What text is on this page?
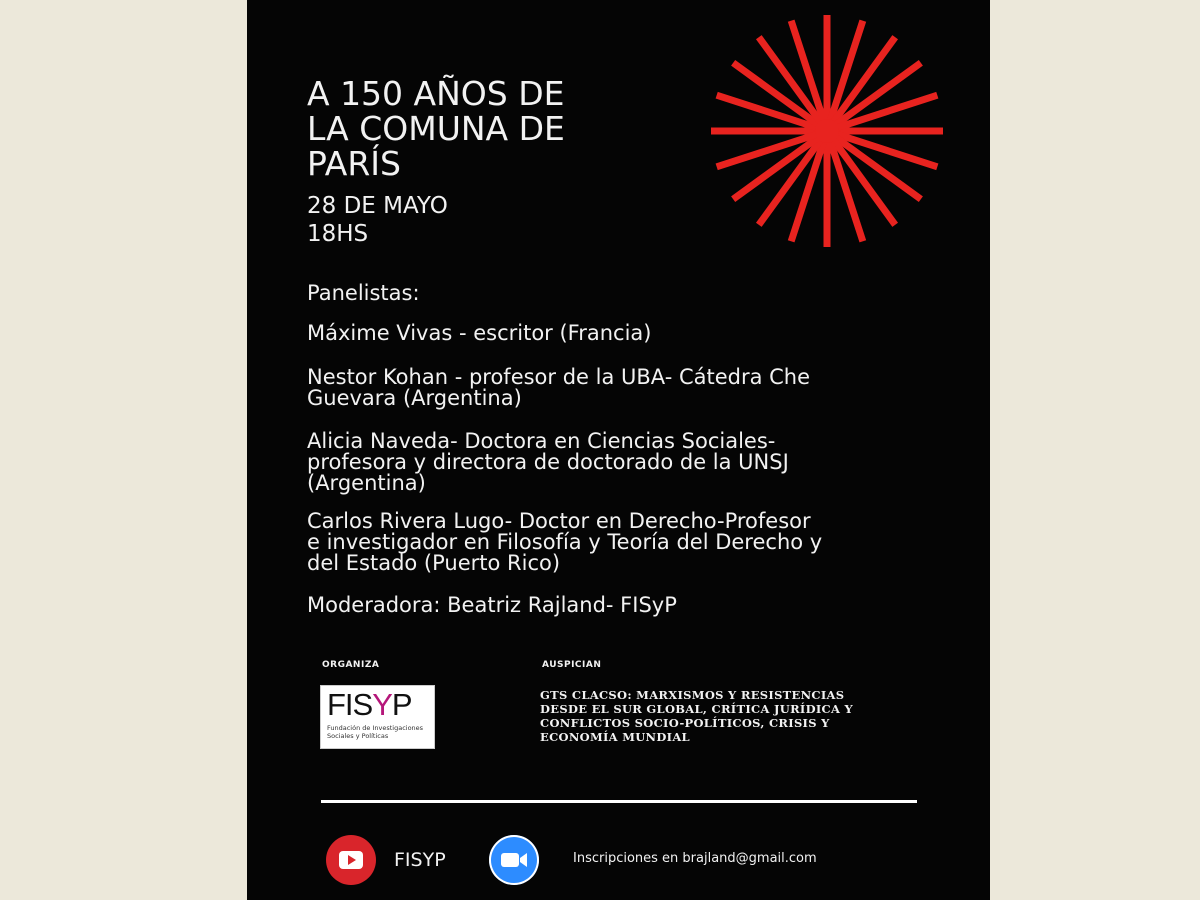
A 150 AÑOS DE
LA COMUNA DE
PARÍS
28 DE MAYO
18HS

Panelistas:

Máxime Vivas - escritor (Francia)

Nestor Kohan - profesor de la UBA- Cátedra Che
Guevara (Argentina)

Alicia Naveda- Doctora en Ciencias Sociales-
profesora y directora de doctorado de la UNSJ
(Argentina)

Carlos Rivera Lugo- Doctor en Derecho-Profesor
e investigador en Filosofía y Teoría del Derecho y
del Estado (Puerto Rico)

Moderadora: Beatriz Rajland- FISyP

ORGANIZA	AUSPICIAN
FISYP
Fundación de Investigaciones
Sociales y Políticas
GTS CLACSO: MARXISMOS Y RESISTENCIAS
DESDE EL SUR GLOBAL, CRÍTICA JURÍDICA Y
CONFLICTOS SOCIO-POLÍTICOS, CRISIS Y
ECONOMÍA MUNDIAL
FISYP	Inscripciones en brajland@gmail.com
